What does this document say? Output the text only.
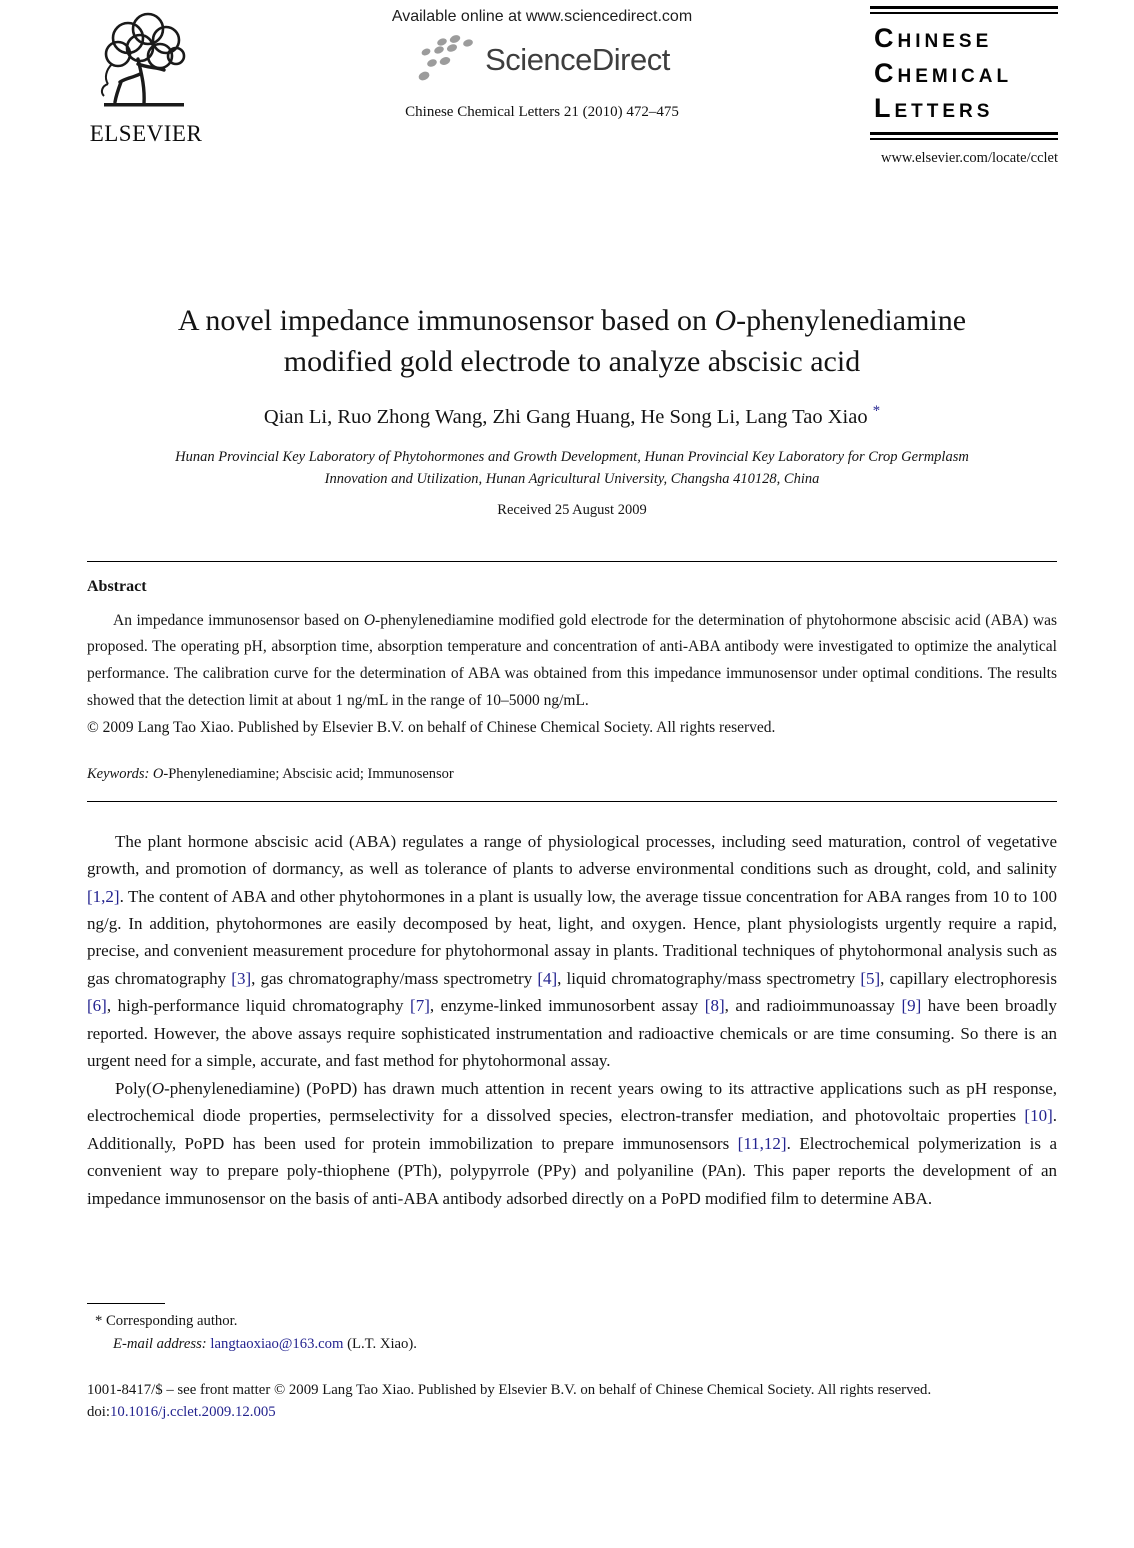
ELSEVIER
Available online at www.sciencedirect.com
ScienceDirect
Chinese Chemical Letters 21 (2010) 472–475
Chinese
Chemical
Letters
www.elsevier.com/locate/cclet
A novel impedance immunosensor based on O-phenylenediamine
modified gold electrode to analyze abscisic acid
Qian Li, Ruo Zhong Wang, Zhi Gang Huang, He Song Li, Lang Tao Xiao *
Hunan Provincial Key Laboratory of Phytohormones and Growth Development, Hunan Provincial Key Laboratory for Crop Germplasm
Innovation and Utilization, Hunan Agricultural University, Changsha 410128, China
Received 25 August 2009
Abstract

An impedance immunosensor based on O-phenylenediamine modified gold electrode for the determination of phytohormone abscisic acid (ABA) was proposed. The operating pH, absorption time, absorption temperature and concentration of anti-ABA antibody were investigated to optimize the analytical performance. The calibration curve for the determination of ABA was obtained from this impedance immunosensor under optimal conditions. The results showed that the detection limit at about 1 ng/mL in the range of 10–5000 ng/mL.

© 2009 Lang Tao Xiao. Published by Elsevier B.V. on behalf of Chinese Chemical Society. All rights reserved.

Keywords: O-Phenylenediamine; Abscisic acid; Immunosensor

The plant hormone abscisic acid (ABA) regulates a range of physiological processes, including seed maturation, control of vegetative growth, and promotion of dormancy, as well as tolerance of plants to adverse environmental conditions such as drought, cold, and salinity [1,2]. The content of ABA and other phytohormones in a plant is usually low, the average tissue concentration for ABA ranges from 10 to 100 ng/g. In addition, phytohormones are easily decomposed by heat, light, and oxygen. Hence, plant physiologists urgently require a rapid, precise, and convenient measurement procedure for phytohormonal assay in plants. Traditional techniques of phytohormonal analysis such as gas chromatography [3], gas chromatography/mass spectrometry [4], liquid chromatography/mass spectrometry [5], capillary electrophoresis [6], high-performance liquid chromatography [7], enzyme-linked immunosorbent assay [8], and radioimmunoassay [9] have been broadly reported. However, the above assays require sophisticated instrumentation and radioactive chemicals or are time consuming. So there is an urgent need for a simple, accurate, and fast method for phytohormonal assay.

Poly(O-phenylenediamine) (PoPD) has drawn much attention in recent years owing to its attractive applications such as pH response, electrochemical diode properties, permselectivity for a dissolved species, electron-transfer mediation, and photovoltaic properties [10]. Additionally, PoPD has been used for protein immobilization to prepare immunosensors [11,12]. Electrochemical polymerization is a convenient way to prepare poly-thiophene (PTh), polypyrrole (PPy) and polyaniline (PAn). This paper reports the development of an impedance immunosensor on the basis of anti-ABA antibody adsorbed directly on a PoPD modified film to determine ABA.

* Corresponding author.
E-mail address: langtaoxiao@163.com (L.T. Xiao).
1001-8417/$ – see front matter © 2009 Lang Tao Xiao. Published by Elsevier B.V. on behalf of Chinese Chemical Society. All rights reserved.
doi:10.1016/j.cclet.2009.12.005
